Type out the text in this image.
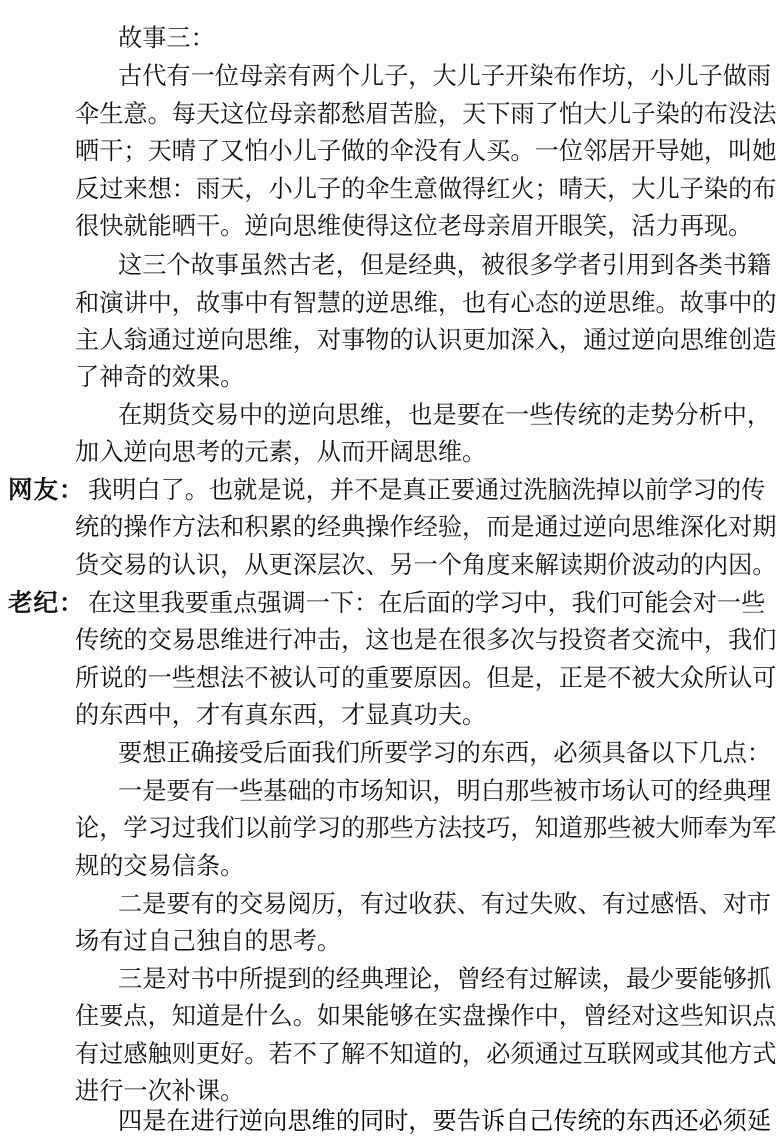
故事三：
古代有一位母亲有两个儿子，大儿子开染布作坊，小儿子做雨
伞生意。每天这位母亲都愁眉苦脸，天下雨了怕大儿子染的布没法
晒干；天晴了又怕小儿子做的伞没有人买。一位邻居开导她，叫她
反过来想：雨天，小儿子的伞生意做得红火；晴天，大儿子染的布
很快就能晒干。逆向思维使得这位老母亲眉开眼笑，活力再现。
这三个故事虽然古老，但是经典，被很多学者引用到各类书籍
和演讲中，故事中有智慧的逆思维，也有心态的逆思维。故事中的
主人翁通过逆向思维，对事物的认识更加深入，通过逆向思维创造
了神奇的效果。
在期货交易中的逆向思维，也是要在一些传统的走势分析中，
加入逆向思考的元素，从而开阔思维。
网友： 我明白了。也就是说，并不是真正要通过洗脑洗掉以前学习的传
统的操作方法和积累的经典操作经验，而是通过逆向思维深化对期
货交易的认识，从更深层次、另一个角度来解读期价波动的内因。
老纪： 在这里我要重点强调一下：在后面的学习中，我们可能会对一些
传统的交易思维进行冲击，这也是在很多次与投资者交流中，我们
所说的一些想法不被认可的重要原因。但是，正是不被大众所认可
的东西中，才有真东西，才显真功夫。
要想正确接受后面我们所要学习的东西，必须具备以下几点：
一是要有一些基础的市场知识，明白那些被市场认可的经典理
论，学习过我们以前学习的那些方法技巧，知道那些被大师奉为军
规的交易信条。
二是要有的交易阅历，有过收获、有过失败、有过感悟、对市
场有过自己独自的思考。
三是对书中所提到的经典理论，曾经有过解读，最少要能够抓
住要点，知道是什么。如果能够在实盘操作中，曾经对这些知识点
有过感触则更好。若不了解不知道的，必须通过互联网或其他方式
进行一次补课。
四是在进行逆向思维的同时，要告诉自己传统的东西还必须延
